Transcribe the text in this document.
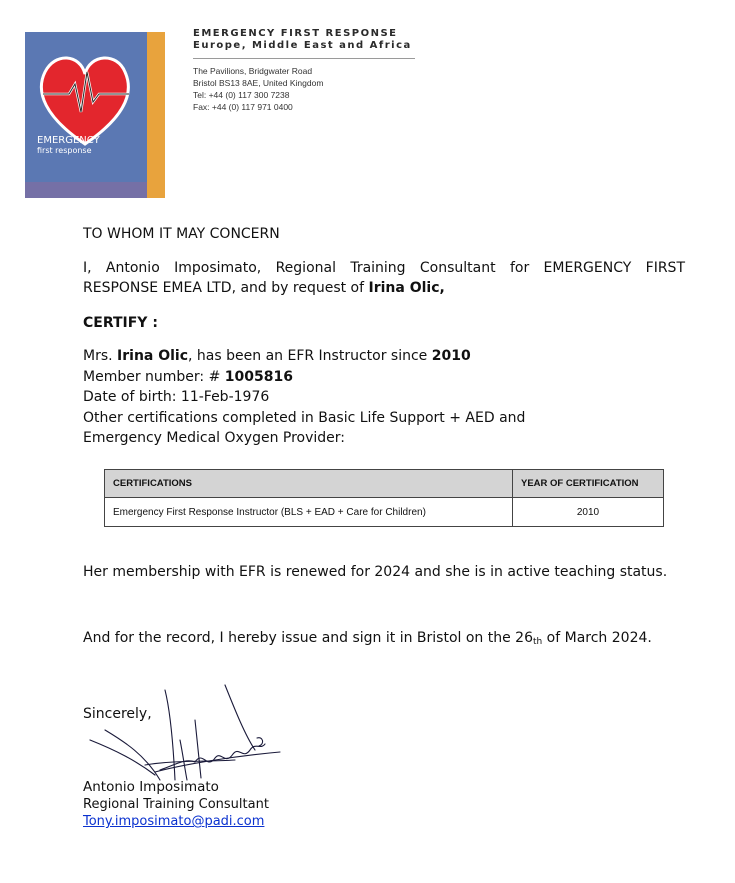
EMERGENCY
first response
EMERGENCY FIRST RESPONSE
Europe, Middle East and Africa
The Pavilions, Bridgwater Road
Bristol BS13 8AE, United Kingdom
Tel: +44 (0) 117 300 7238
Fax: +44 (0) 117 971 0400
TO WHOM IT MAY CONCERN
I, Antonio Imposimato, Regional Training Consultant for EMERGENCY FIRST RESPONSE EMEA LTD, and by request of Irina Olic,
CERTIFY :
Mrs. Irina Olic, has been an EFR Instructor since 2010
Member number: # 1005816
Date of birth: 11-Feb-1976
Other certifications completed in Basic Life Support + AED and
Emergency Medical Oxygen Provider:
CERTIFICATIONS	YEAR OF CERTIFICATION
Emergency First Response Instructor (BLS + EAD + Care for Children)	2010
Her membership with EFR is renewed for 2024 and she is in active teaching status.
And for the record, I hereby issue and sign it in Bristol on the $26_{th}$ of March 2024.
Sincerely,
Antonio Imposimato
Regional Training Consultant
Tony.imposimato@padi.com
